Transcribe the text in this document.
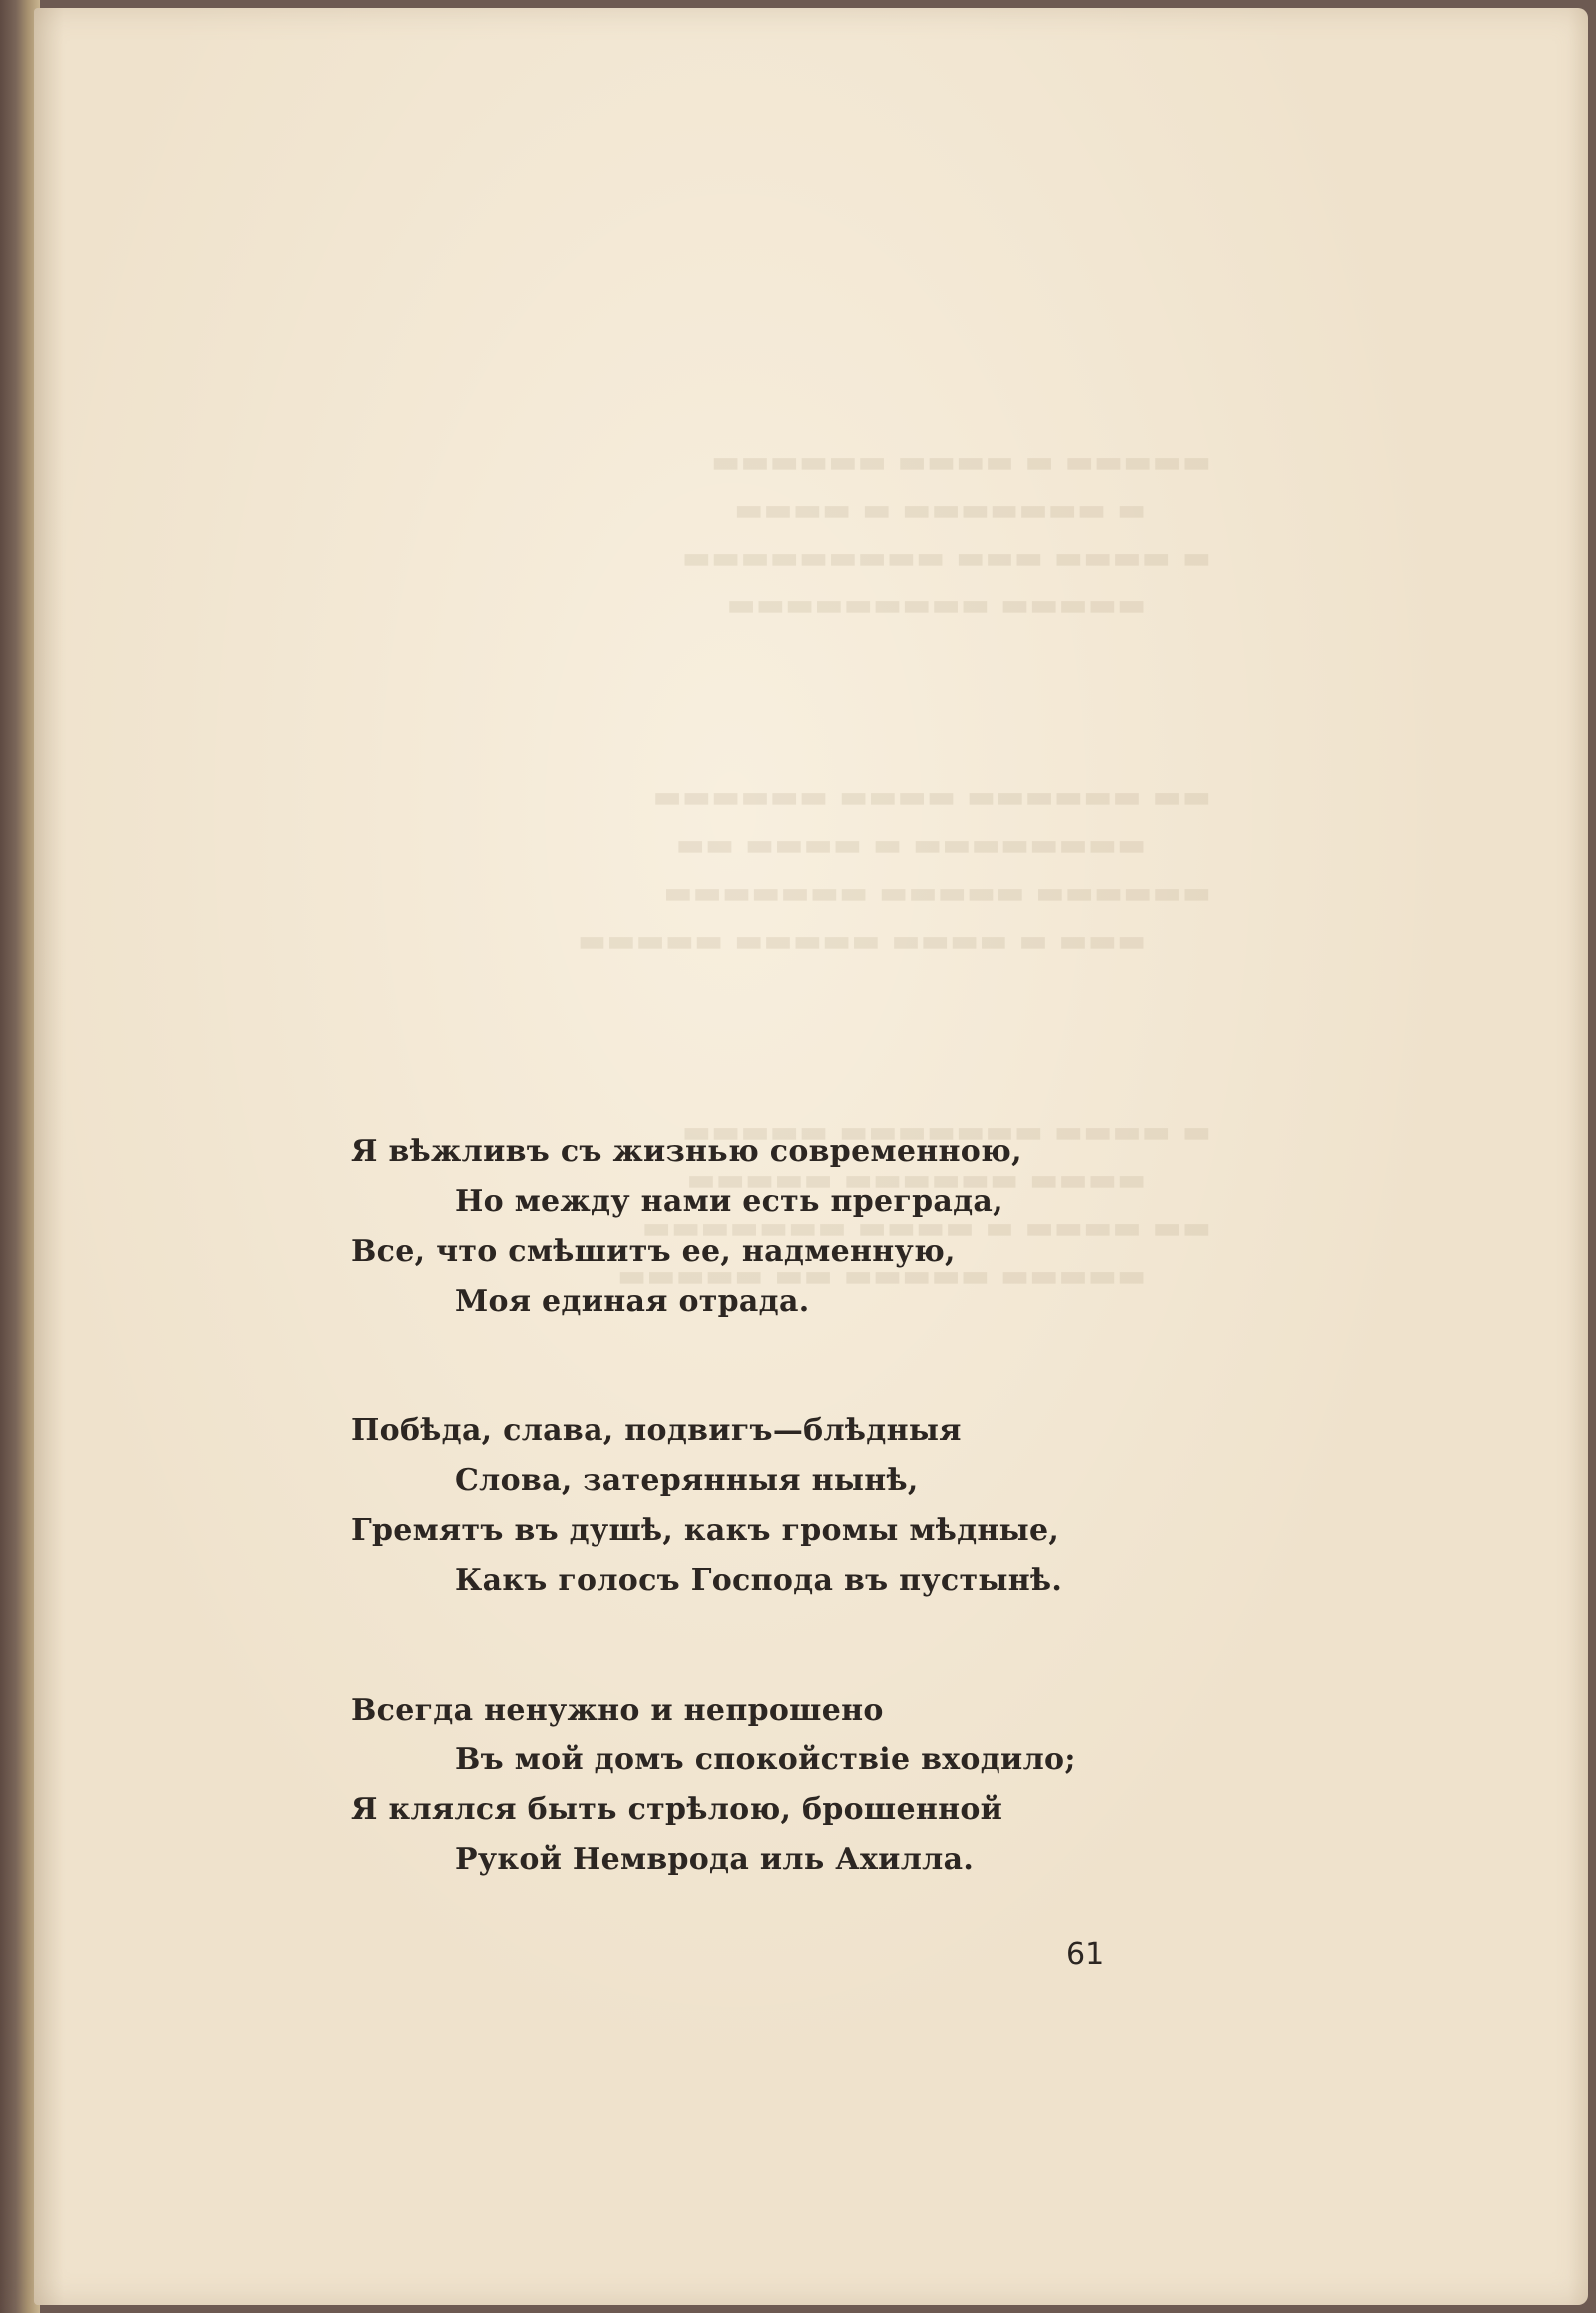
▬▬▬▬▬ ▬ ▬▬▬▬ ▬▬▬▬▬▬
▬ ▬▬▬▬▬▬▬ ▬ ▬▬▬▬
▬ ▬▬▬▬ ▬▬▬ ▬▬▬▬▬▬▬▬▬
▬▬▬▬▬ ▬▬▬▬▬▬▬▬▬

▬▬ ▬▬▬▬▬▬ ▬▬▬▬ ▬▬▬▬▬▬
▬▬▬▬▬▬▬▬ ▬ ▬▬▬▬ ▬▬
▬▬▬▬▬▬ ▬▬▬▬▬ ▬▬▬▬▬▬▬
▬▬▬ ▬ ▬▬▬▬ ▬▬▬▬▬ ▬▬▬▬▬

▬ ▬▬▬▬ ▬▬▬▬▬▬▬ ▬▬▬▬▬
▬▬▬▬ ▬▬▬▬▬▬ ▬▬▬▬▬
▬▬ ▬▬▬▬ ▬ ▬▬▬▬ ▬▬▬▬▬▬▬
▬▬▬▬▬ ▬▬▬▬▬ ▬▬ ▬▬▬▬▬

Я вѣжливъ съ жизнью современною,
Но между нами есть преграда,
Все, что смѣшитъ ее, надменную,
Моя единая отрада.
Побѣда, слава, подвигъ—блѣдныя
Слова, затерянныя нынѣ,
Гремятъ въ душѣ, какъ громы мѣдные,
Какъ голосъ Господа въ пустынѣ.
Всегда ненужно и непрошено
Въ мой домъ спокойствіе входило;
Я клялся быть стрѣлою, брошенной
Рукой Немврода иль Ахилла.
61
